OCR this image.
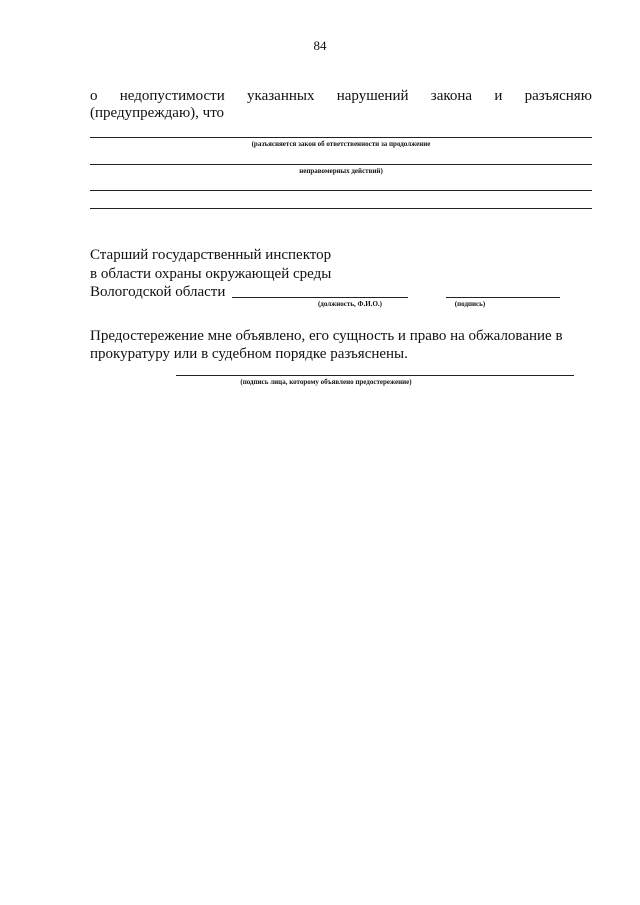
84
о недопустимости указанных нарушений закона и разъясняю
(предупреждаю), что
(разъясняется закон об ответственности за продолжение
неправомерных действий)
Старший государственный инспектор
в области охраны окружающей среды
Вологодской области
(должность, Ф.И.О.)	(подпись)
Предостережение мне объявлено, его сущность и право на обжалование в
прокуратуру или в судебном порядке разъяснены.
(подпись лица, которому объявлено предостережение)
